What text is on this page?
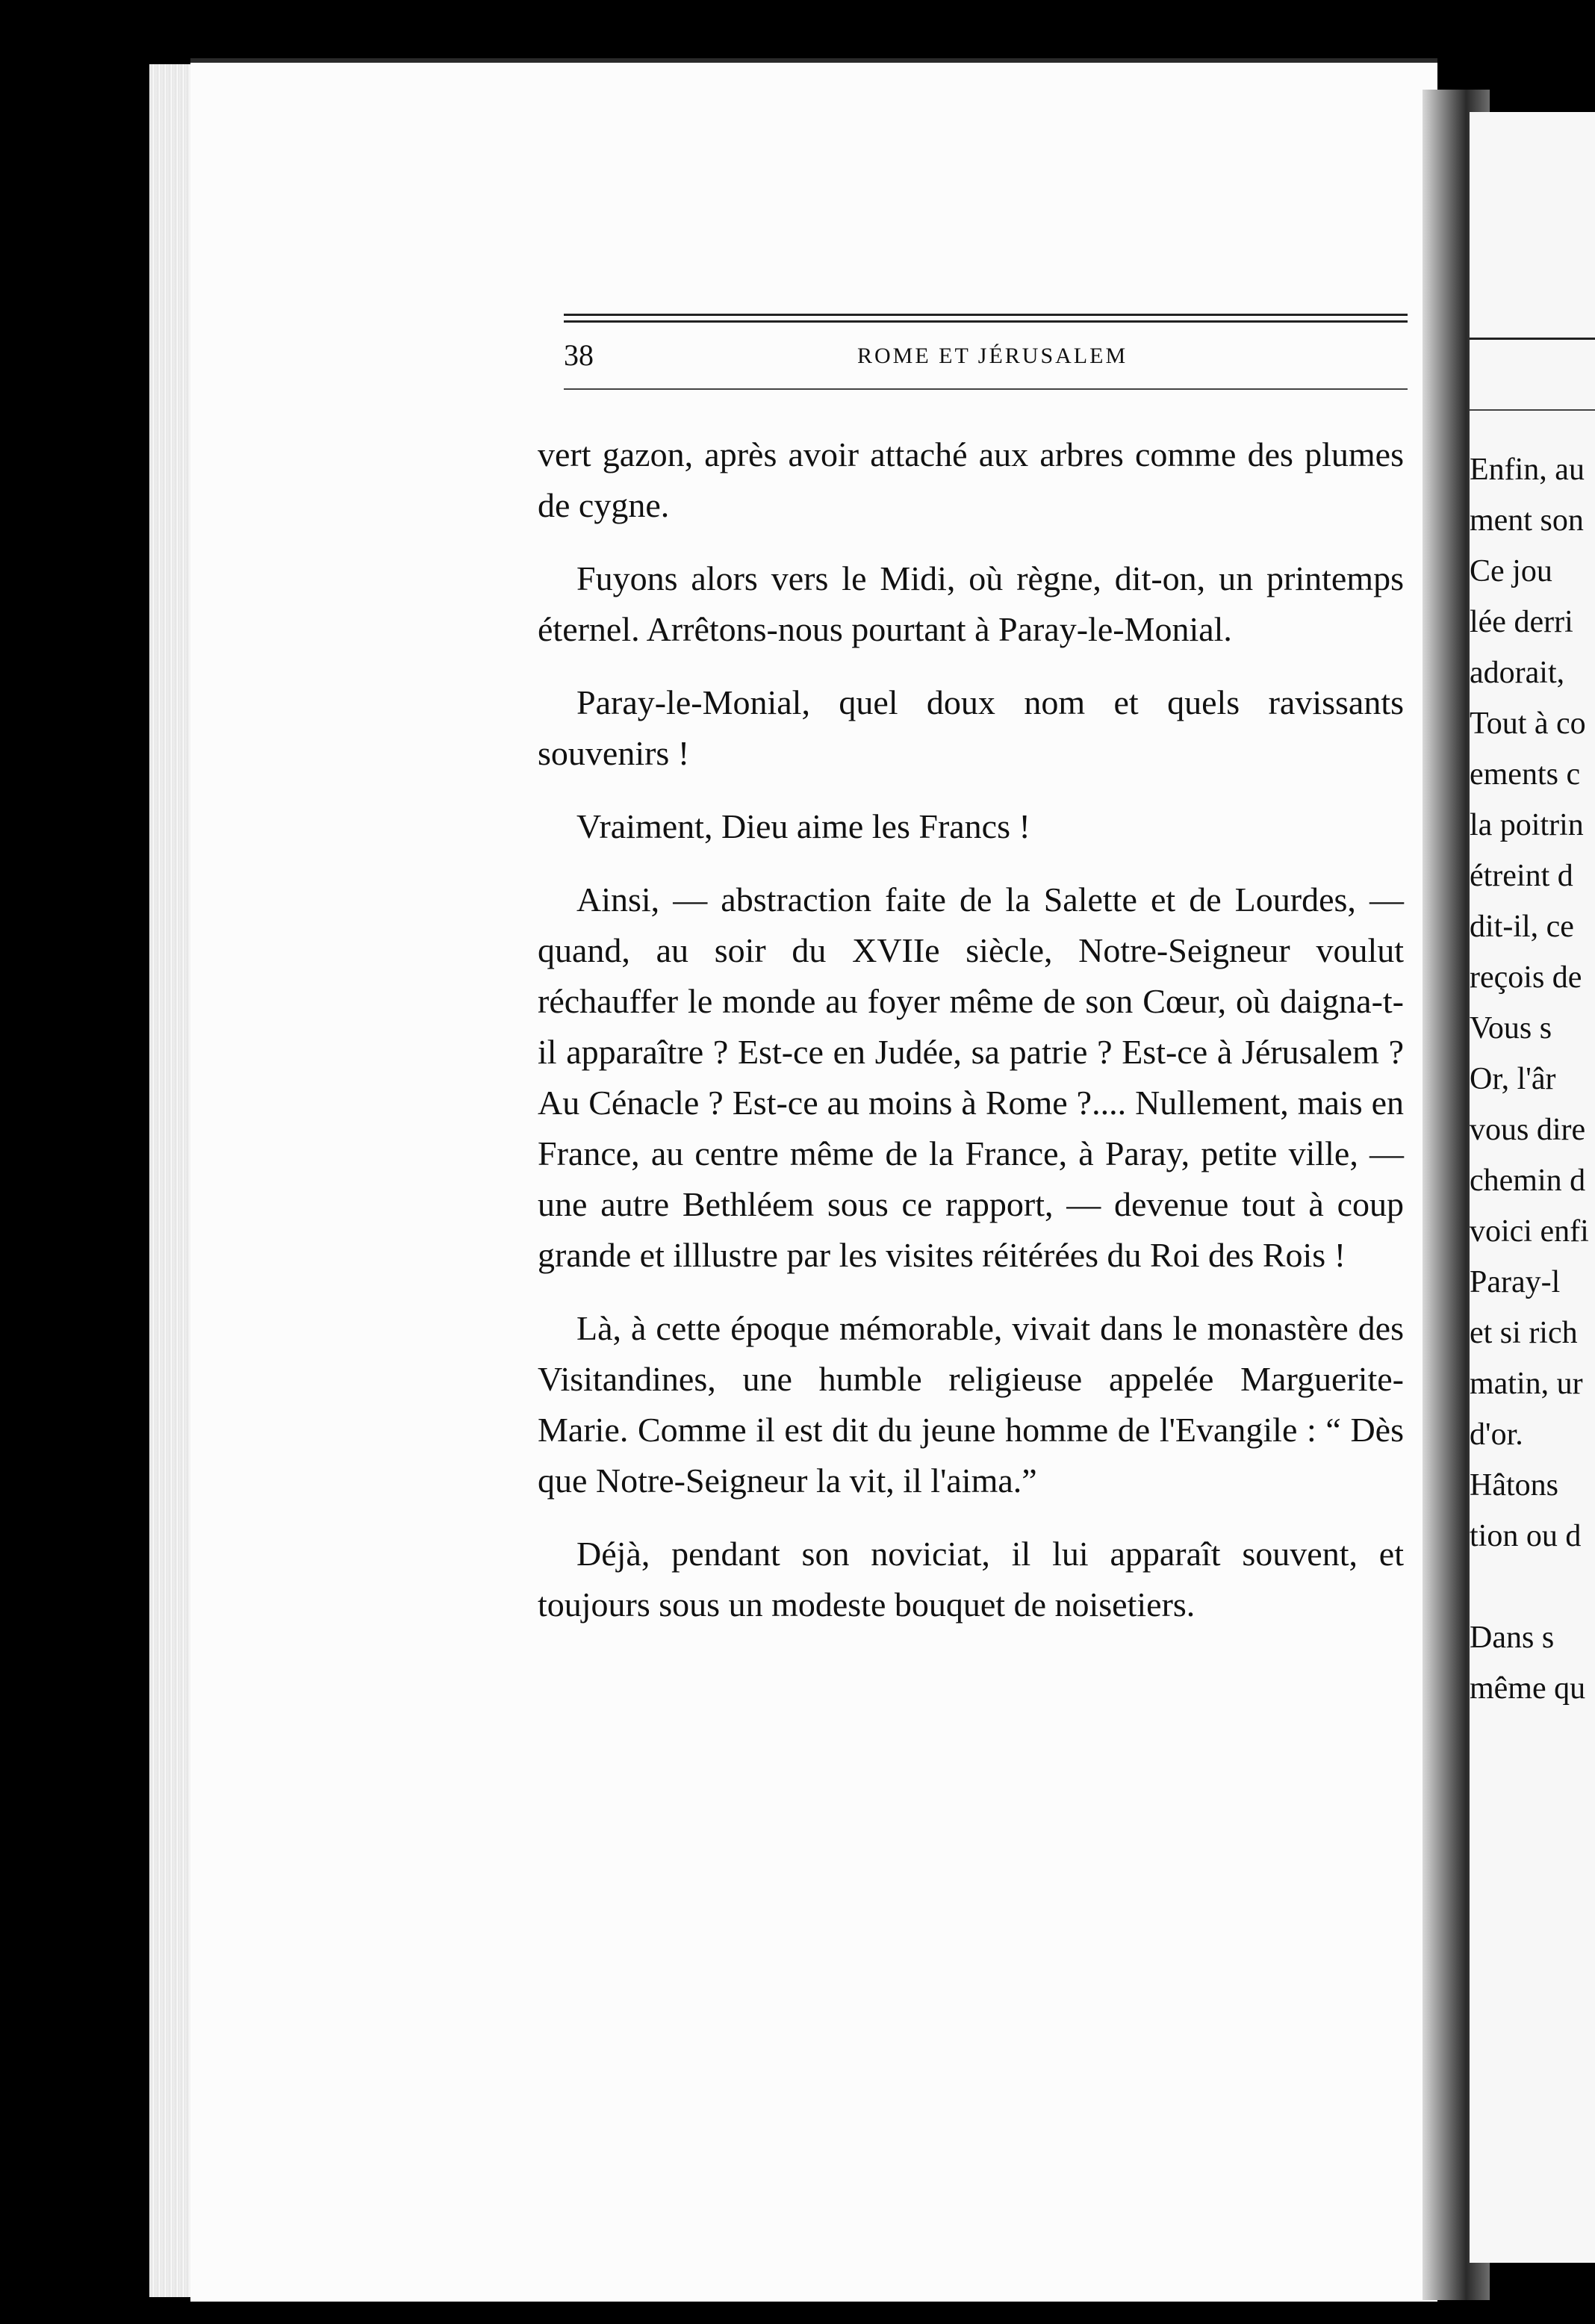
38	ROME ET JÉRUSALEM

vert gazon, après avoir attaché aux arbres comme des plumes de cygne.

Fuyons alors vers le Midi, où règne, dit-on, un printemps éternel. Arrêtons-nous pourtant à Paray-le-Monial.

Paray-le-Monial, quel doux nom et quels ravissants souvenirs !

Vraiment, Dieu aime les Francs !

Ainsi, — abstraction faite de la Salette et de Lourdes, — quand, au soir du XVIIe siècle, Notre-Seigneur voulut réchauffer le monde au foyer même de son Cœur, où daigna-t-il apparaître ? Est-ce en Judée, sa patrie ? Est-ce à Jérusalem ? Au Cénacle ? Est-ce au moins à Rome ?.... Nullement, mais en France, au centre même de la France, à Paray, petite ville, — une autre Bethléem sous ce rapport, — devenue tout à coup grande et illlustre par les visites réitérées du Roi des Rois !

Là, à cette époque mémorable, vivait dans le monastère des Visitandines, une humble religieuse appelée Marguerite-Marie. Comme il est dit du jeune homme de l'Evangile : “ Dès que Notre-Seigneur la vit, il l'aima.”

Déjà, pendant son noviciat, il lui apparaît souvent, et toujours sous un modeste bouquet de noisetiers.

Enfin, au
ment son
Ce jou
lée derri
adorait,
Tout à co
ements c
la poitrin
étreint d
dit-il, ce
reçois de
Vous s
Or, l'âr
vous dire
chemin d
voici enfi
Paray-l
et si rich
matin, ur
d'or.
Hâtons
tion ou d
Dans s
même qu
